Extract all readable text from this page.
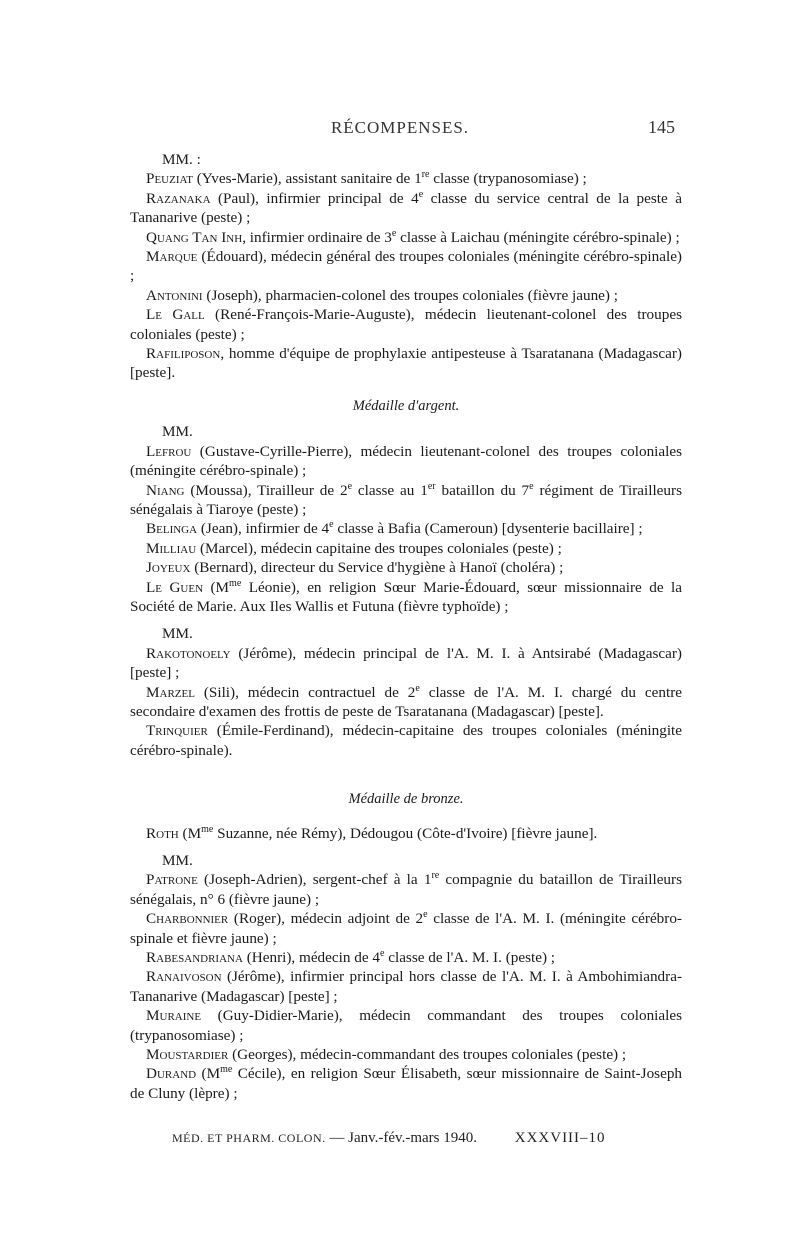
RÉCOMPENSES.	145

MM. :

Peuziat (Yves-Marie), assistant sanitaire de 1re classe (trypanosomiase) ;

Razanaka (Paul), infirmier principal de 4e classe du service central de la peste à Tananarive (peste) ;

Quang Tan Inh, infirmier ordinaire de 3e classe à Laichau (méningite cérébro-spinale) ;

Marque (Édouard), médecin général des troupes coloniales (méningite cérébro-spinale) ;

Antonini (Joseph), pharmacien-colonel des troupes coloniales (fièvre jaune) ;

Le Gall (René-François-Marie-Auguste), médecin lieutenant-colonel des troupes coloniales (peste) ;

Rafiliposon, homme d'équipe de prophylaxie antipesteuse à Tsaratanana (Madagascar) [peste].

Médaille d'argent.

MM.

Lefrou (Gustave-Cyrille-Pierre), médecin lieutenant-colonel des troupes coloniales (méningite cérébro-spinale) ;

Niang (Moussa), Tirailleur de 2e classe au 1er bataillon du 7e régiment de Tirailleurs sénégalais à Tiaroye (peste) ;

Belinga (Jean), infirmier de 4e classe à Bafia (Cameroun) [dysenterie bacillaire] ;

Milliau (Marcel), médecin capitaine des troupes coloniales (peste) ;

Joyeux (Bernard), directeur du Service d'hygiène à Hanoï (choléra) ;

Le Guen ($M^{me}$ Léonie), en religion Sœur Marie-Édouard, sœur missionnaire de la Société de Marie. Aux Iles Wallis et Futuna (fièvre typhoïde) ;

MM.

Rakotonoely (Jérôme), médecin principal de l'A. M. I. à Antsirabé (Madagascar) [peste] ;

Marzel (Sili), médecin contractuel de 2e classe de l'A. M. I. chargé du centre secondaire d'examen des frottis de peste de Tsaratanana (Madagascar) [peste].

Trinquier (Émile-Ferdinand), médecin-capitaine des troupes coloniales (méningite cérébro-spinale).

Médaille de bronze.

Roth ($M^{me}$ Suzanne, née Rémy), Dédougou (Côte-d'Ivoire) [fièvre jaune].

MM.

Patrone (Joseph-Adrien), sergent-chef à la 1re compagnie du bataillon de Tirailleurs sénégalais, n° 6 (fièvre jaune) ;

Charbonnier (Roger), médecin adjoint de 2e classe de l'A. M. I. (méningite cérébro-spinale et fièvre jaune) ;

Rabesandriana (Henri), médecin de 4e classe de l'A. M. I. (peste) ;

Ranaivoson (Jérôme), infirmier principal hors classe de l'A. M. I. à Ambohimiandra-Tananarive (Madagascar) [peste] ;

Muraine (Guy-Didier-Marie), médecin commandant des troupes coloniales (trypanosomiase) ;

Moustardier (Georges), médecin-commandant des troupes coloniales (peste) ;

Durand ($M^{me}$ Cécile), en religion Sœur Élisabeth, sœur missionnaire de Saint-Joseph de Cluny (lèpre) ;

MÉD. ET PHARM. COLON. — Janv.-fév.-mars 1940.	XXXVIII–10
